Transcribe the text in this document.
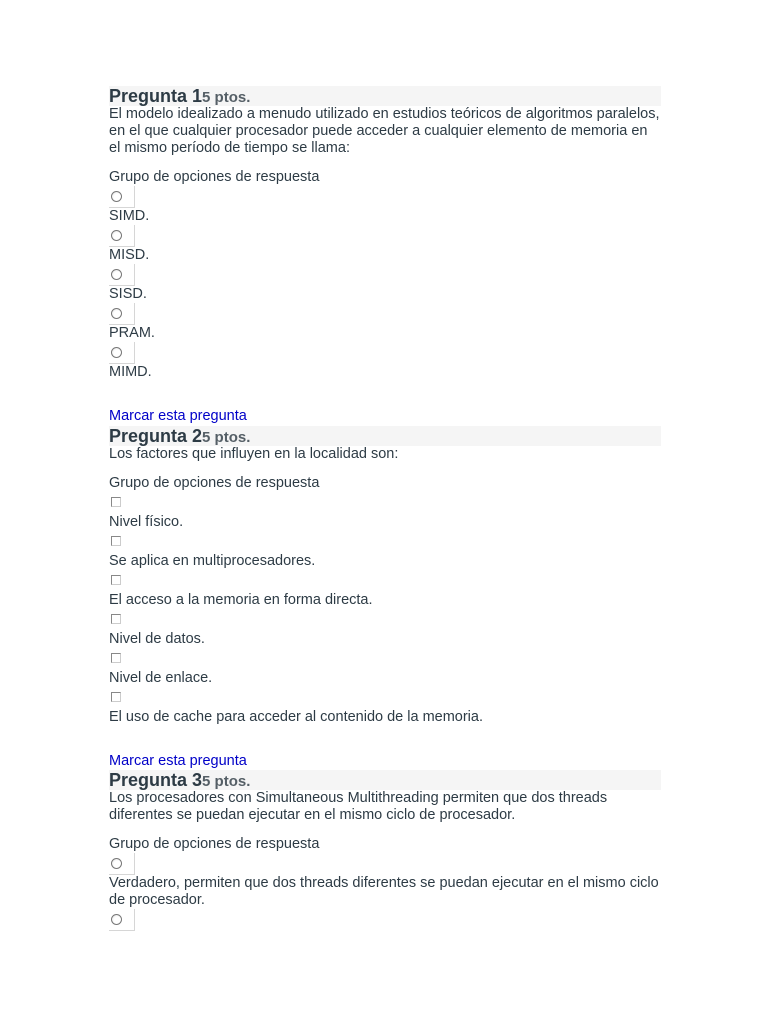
Pregunta 15 ptos.
El modelo idealizado a menudo utilizado en estudios teóricos de algoritmos paralelos, en el que cualquier procesador puede acceder a cualquier elemento de memoria en el mismo período de tiempo se llama:
Grupo de opciones de respuesta
SIMD.
MISD.
SISD.
PRAM.
MIMD.
Marcar esta pregunta
Pregunta 25 ptos.
Los factores que influyen en la localidad son:
Grupo de opciones de respuesta
Nivel físico.
Se aplica en multiprocesadores.
El acceso a la memoria en forma directa.
Nivel de datos.
Nivel de enlace.
El uso de cache para acceder al contenido de la memoria.
Marcar esta pregunta
Pregunta 35 ptos.
Los procesadores con Simultaneous Multithreading permiten que dos threads diferentes se puedan ejecutar en el mismo ciclo de procesador.
Grupo de opciones de respuesta
Verdadero, permiten que dos threads diferentes se puedan ejecutar en el mismo ciclo de procesador.
